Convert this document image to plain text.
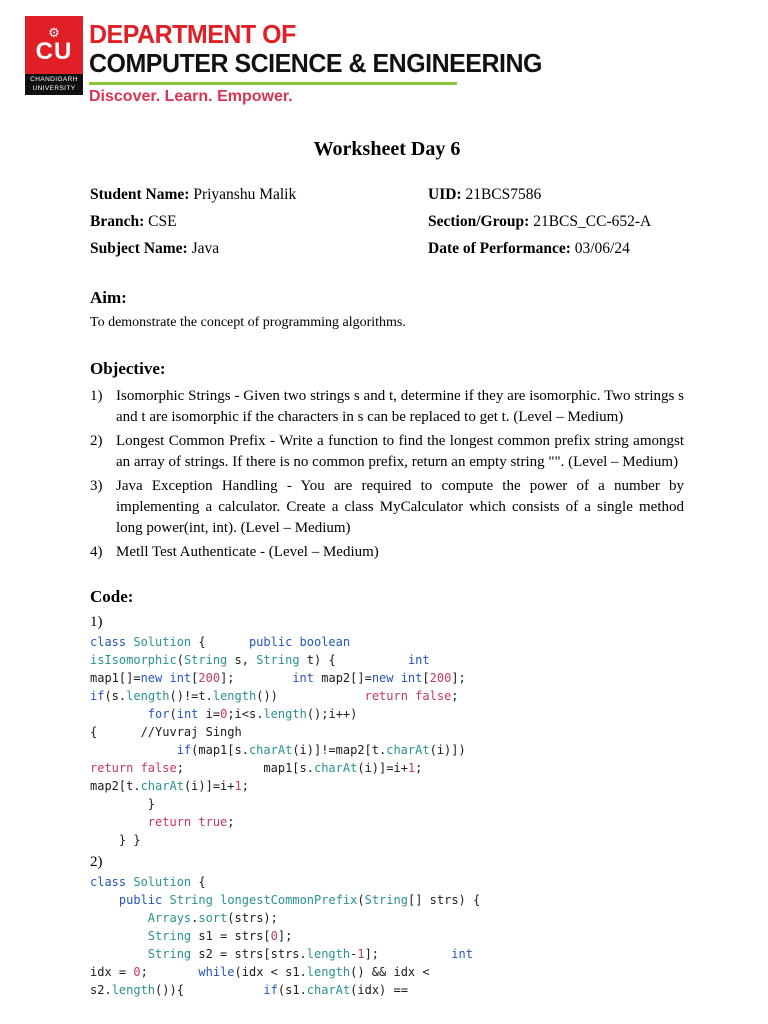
⚙
CU
CHANDIGARH
UNIVERSITY
DEPARTMENT OF
COMPUTER SCIENCE & ENGINEERING
Discover. Learn. Empower.
Worksheet Day 6
Student Name: Priyanshu Malik	UID: 21BCS7586
Branch: CSE	Section/Group: 21BCS_CC-652-A
Subject Name: Java	Date of Performance: 03/06/24
Aim:

To demonstrate the concept of programming algorithms.

Objective:
1) Isomorphic Strings - Given two strings s and t, determine if they are isomorphic. Two strings s and t are isomorphic if the characters in s can be replaced to get t. (Level – Medium)
2) Longest Common Prefix - Write a function to find the longest common prefix string amongst an array of strings. If there is no common prefix, return an empty string "". (Level – Medium)
3) Java Exception Handling - You are required to compute the power of a number by implementing a calculator. Create a class MyCalculator which consists of a single method long power(int, int). (Level – Medium)
4) Metll Test Authenticate - (Level – Medium)
Code:
1)
class Solution {      public boolean
isIsomorphic(String s, String t) {          int
map1[]=new int[200];        int map2[]=new int[200];
if(s.length()!=t.length())            return false;
for(int i=0;i<s.length();i++)
{      //Yuvraj Singh
if(map1[s.charAt(i)]!=map2[t.charAt(i)])
return false;           map1[s.charAt(i)]=i+1;
map2[t.charAt(i)]=i+1;
}
return true;
} }
2)
class Solution {
public String longestCommonPrefix(String[] strs) {
Arrays.sort(strs);
String s1 = strs[0];
String s2 = strs[strs.length-1];          int
idx = 0;       while(idx < s1.length() && idx <
s2.length()){           if(s1.charAt(idx) ==
